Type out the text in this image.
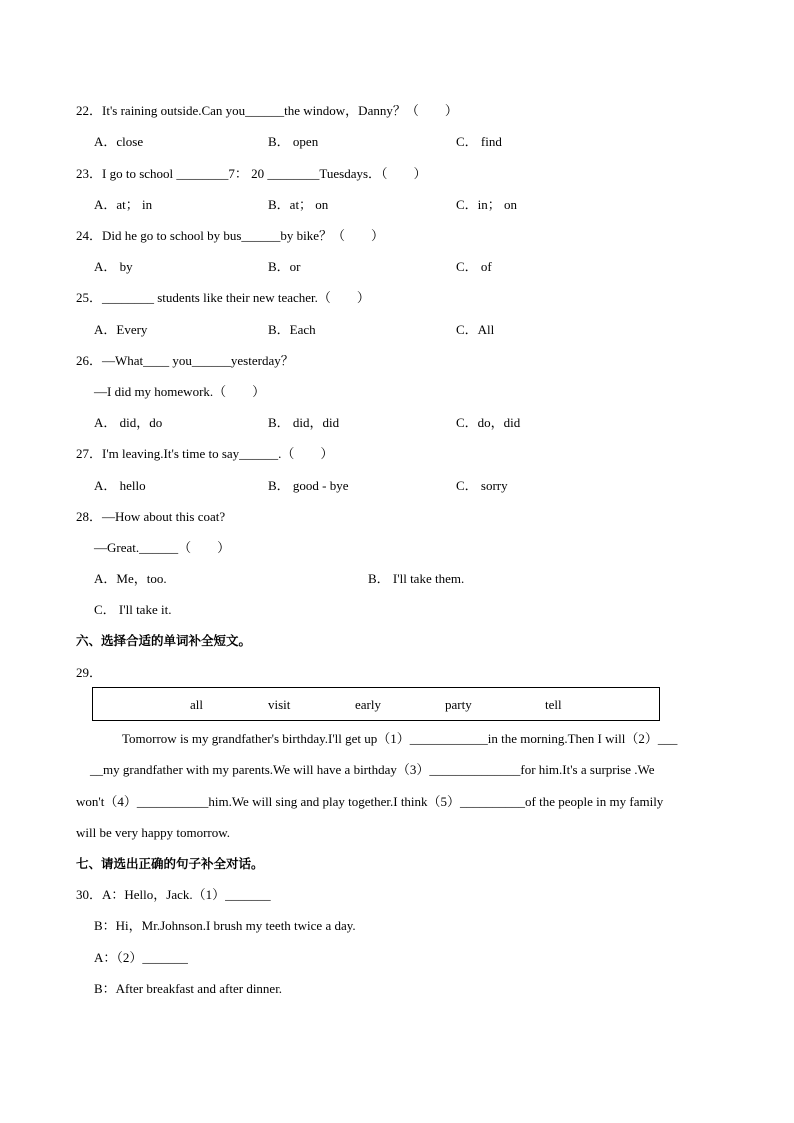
22．It's raining outside.Can you______the window，Danny？（　　）
A．close	B． open	C． find
23．I go to school ________7： 20 ________Tuesdays．（　　）
A．at； in	B．at； on	C．in； on
24．Did he go to school by bus______by bike？（　　）
A． by	B．or	C． of
25．________ students like their new teacher.（　　）
A．Every	B．Each	C．All
26．—What____ you______yesterday？
—I did my homework.（　　）
A． did，do	B． did，did	C．do，did
27．I'm leaving.It's time to say______.（　　）
A． hello	B． good - bye	C． sorry
28．—How about this coat?
—Great.______（　　）
A．Me，too.	B． I'll take them.
C． I'll take it.
六、选择合适的单词补全短文。
29．
all	visit	early	party	tell
Tomorrow is my grandfather's birthday.I'll get up（1）____________in the morning.Then I will（2）___
__my grandfather with my parents.We will have a birthday（3）______________for him.It's a surprise .We
won't（4）___________him.We will sing and play together.I think（5）__________of the people in my family
will be very happy tomorrow.
七、请选出正确的句子补全对话。
30．A：Hello，Jack.（1）_______
B：Hi，Mr.Johnson.I brush my teeth twice a day.
A：（2）_______
B：After breakfast and after dinner.
